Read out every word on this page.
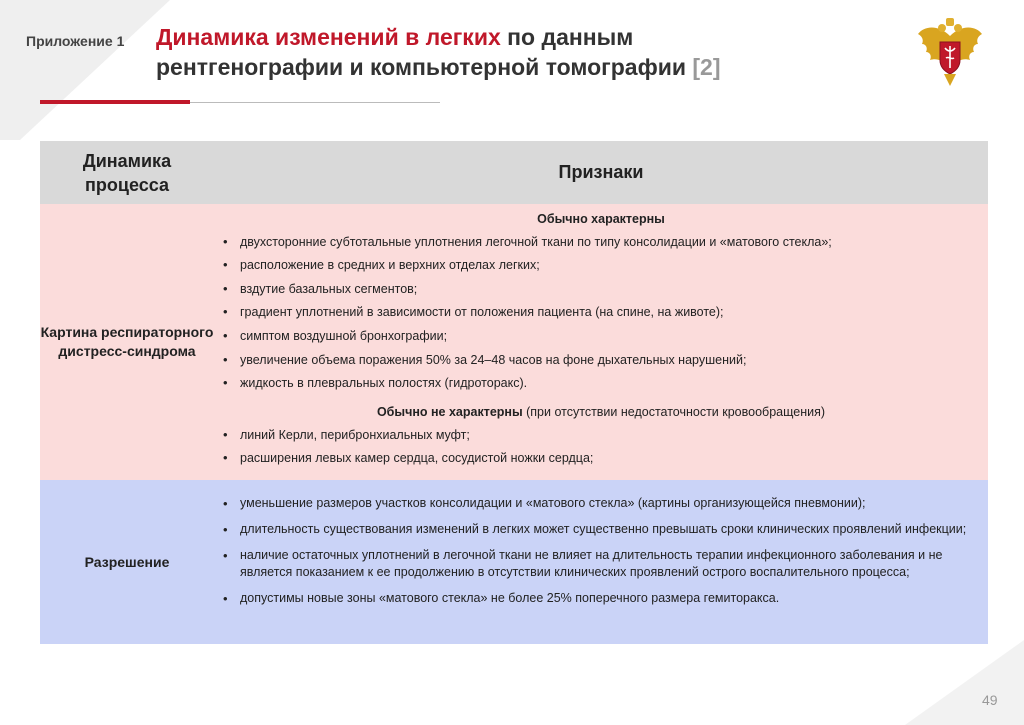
Приложение 1 Динамика изменений в легких по данным
рентгенографии и компьютерной томографии [2]
Динамика процесса
Признаки
Картина респираторного дистресс-синдрома
Обычно характерны
• двухсторонние субтотальные уплотнения легочной ткани по типу консолидации и «матового стекла»;
• расположение в средних и верхних отделах легких;
• вздутие базальных сегментов;
• градиент уплотнений в зависимости от положения пациента (на спине, на животе);
• симптом воздушной бронхографии;
• увеличение объема поражения 50% за 24–48 часов на фоне дыхательных нарушений;
• жидкость в плевральных полостях (гидроторакс).
Обычно не характерны (при отсутствии недостаточности кровообращения)
• линий Керли, перибронхиальных муфт;
• расширения левых камер сердца, сосудистой ножки сердца;
Разрешение
• уменьшение размеров участков консолидации и «матового стекла» (картины организующейся пневмонии);
• длительность существования изменений в легких может существенно превышать сроки клинических проявлений инфекции;
• наличие остаточных уплотнений в легочной ткани не влияет на длительность терапии инфекционного заболевания и не является показанием к ее продолжению в отсутствии клинических проявлений острого воспалительного процесса;
• допустимы новые зоны «матового стекла» не более 25% поперечного размера гемиторакса.
49
